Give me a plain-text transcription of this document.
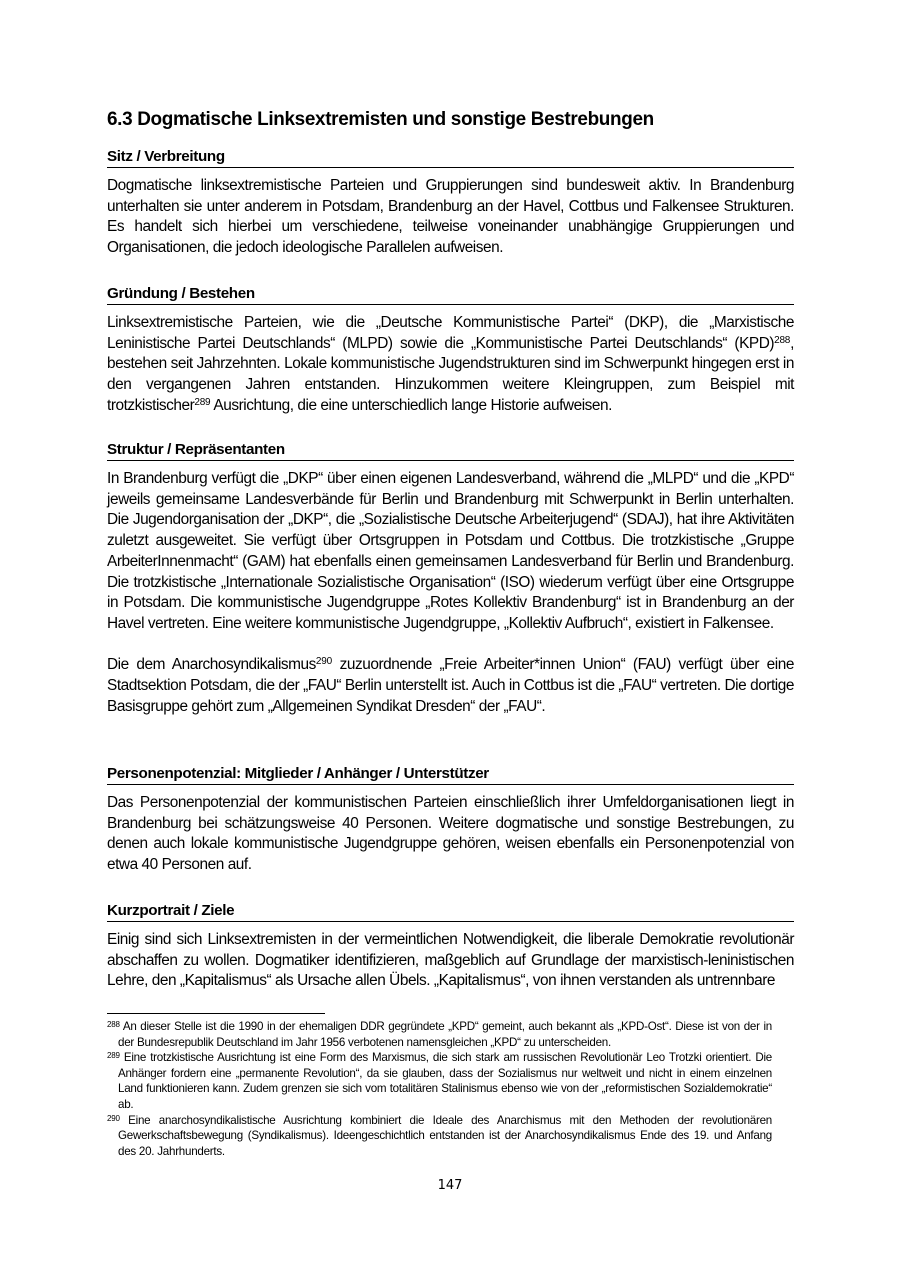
6.3 Dogmatische Linksextremisten und sonstige Bestrebungen
Sitz / Verbreitung

Dogmatische linksextremistische Parteien und Gruppierungen sind bundesweit aktiv. In Brandenburg unterhalten sie unter anderem in Potsdam, Brandenburg an der Havel, Cottbus und Falkensee Strukturen. Es handelt sich hierbei um verschiedene, teilweise voneinander unabhängige Gruppierungen und Organisationen, die jedoch ideologische Parallelen aufweisen.

Gründung / Bestehen

Linksextremistische Parteien, wie die „Deutsche Kommunistische Partei“ (DKP), die „Marxistische Leninistische Partei Deutschlands“ (MLPD) sowie die „Kommunistische Partei Deutschlands“ (KPD)$^{288}$, bestehen seit Jahrzehnten. Lokale kommunistische Jugendstrukturen sind im Schwerpunkt hingegen erst in den vergangenen Jahren entstanden. Hinzukommen weitere Kleingruppen, zum Beispiel mit trotzkistischer$^{289}$ Ausrichtung, die eine unterschiedlich lange Historie aufweisen.

Struktur / Repräsentanten

In Brandenburg verfügt die „DKP“ über einen eigenen Landesverband, während die „MLPD“ und die „KPD“ jeweils gemeinsame Landesverbände für Berlin und Brandenburg mit Schwerpunkt in Berlin unterhalten. Die Jugendorganisation der „DKP“, die „Sozialistische Deutsche Arbeiterjugend“ (SDAJ), hat ihre Aktivitäten zuletzt ausgeweitet. Sie verfügt über Ortsgruppen in Potsdam und Cottbus. Die trotzkistische „Gruppe ArbeiterInnenmacht“ (GAM) hat ebenfalls einen gemeinsamen Landesverband für Berlin und Brandenburg. Die trotzkistische „Internationale Sozialistische Organisation“ (ISO) wiederum verfügt über eine Ortsgruppe in Potsdam. Die kommunistische Jugendgruppe „Rotes Kollektiv Brandenburg“ ist in Brandenburg an der Havel vertreten. Eine weitere kommunistische Jugendgruppe, „Kollektiv Aufbruch“, existiert in Falkensee.

Die dem Anarchosyndikalismus$^{290}$ zuzuordnende „Freie Arbeiter*innen Union“ (FAU) verfügt über eine Stadtsektion Potsdam, die der „FAU“ Berlin unterstellt ist. Auch in Cottbus ist die „FAU“ vertreten. Die dortige Basisgruppe gehört zum „Allgemeinen Syndikat Dresden“ der „FAU“.

Personenpotenzial: Mitglieder / Anhänger / Unterstützer

Das Personenpotenzial der kommunistischen Parteien einschließlich ihrer Umfeldorganisationen liegt in Brandenburg bei schätzungsweise 40 Personen. Weitere dogmatische und sonstige Bestrebungen, zu denen auch lokale kommunistische Jugendgruppe gehören, weisen ebenfalls ein Personenpotenzial von etwa 40 Personen auf.

Kurzportrait / Ziele

Einig sind sich Linksextremisten in der vermeintlichen Notwendigkeit, die liberale Demokratie revolutionär abschaffen zu wollen. Dogmatiker identifizieren, maßgeblich auf Grundlage der marxistisch-leninistischen Lehre, den „Kapitalismus“ als Ursache allen Übels. „Kapitalismus“, von ihnen verstanden als untrennbare

$^{288}$ An dieser Stelle ist die 1990 in der ehemaligen DDR gegründete „KPD“ gemeint, auch bekannt als „KPD-Ost“. Diese ist von der in der Bundesrepublik Deutschland im Jahr 1956 verbotenen namensgleichen „KPD“ zu unterscheiden.
$^{289}$ Eine trotzkistische Ausrichtung ist eine Form des Marxismus, die sich stark am russischen Revolutionär Leo Trotzki orientiert. Die Anhänger fordern eine „permanente Revolution“, da sie glauben, dass der Sozialismus nur weltweit und nicht in einem einzelnen Land funktionieren kann. Zudem grenzen sie sich vom totalitären Stalinismus ebenso wie von der „reformistischen Sozialdemokratie“ ab.
$^{290}$ Eine anarchosyndikalistische Ausrichtung kombiniert die Ideale des Anarchismus mit den Methoden der revolutionären Gewerkschaftsbewegung (Syndikalismus). Ideengeschichtlich entstanden ist der Anarchosyndikalismus Ende des 19. und Anfang des 20. Jahrhunderts.
147
